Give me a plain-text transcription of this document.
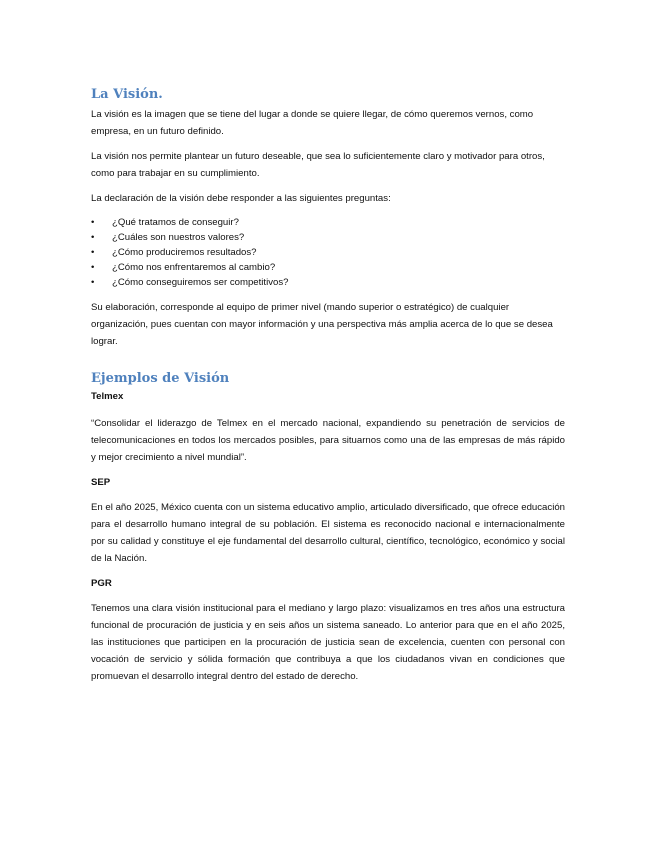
La Visión.

La visión es la imagen que se tiene del lugar a donde se quiere llegar, de cómo queremos vernos, como empresa, en un futuro definido.

La visión nos permite plantear un futuro deseable, que sea lo suficientemente claro y motivador para otros, como para trabajar en su cumplimiento.

La declaración de la visión debe responder a las siguientes preguntas:

• ¿Qué tratamos de conseguir?
• ¿Cuáles son nuestros valores?
• ¿Cómo produciremos resultados?
• ¿Cómo nos enfrentaremos al cambio?
• ¿Cómo conseguiremos ser competitivos?

Su elaboración, corresponde al equipo de primer nivel (mando superior o estratégico) de cualquier organización, pues cuentan con mayor información y una perspectiva más amplia acerca de lo que se desea lograr.

Ejemplos de Visión

Telmex

“Consolidar el liderazgo de Telmex en el mercado nacional, expandiendo su penetración de servicios de telecomunicaciones en todos los mercados posibles, para situarnos como una de las empresas de más rápido y mejor crecimiento a nivel mundial”.

SEP

En el año 2025, México cuenta con un sistema educativo amplio, articulado diversificado, que ofrece educación para el desarrollo humano integral de su población. El sistema es reconocido nacional e internacionalmente por su calidad y constituye el eje fundamental del desarrollo cultural, científico, tecnológico, económico y social de la Nación.

PGR

Tenemos una clara visión institucional para el mediano y largo plazo: visualizamos en tres años una estructura funcional de procuración de justicia y en seis años un sistema saneado. Lo anterior para que en el año 2025, las instituciones que participen en la procuración de justicia sean de excelencia, cuenten con personal con vocación de servicio y sólida formación que contribuya a que los ciudadanos vivan en condiciones que promuevan el desarrollo integral dentro del estado de derecho.
